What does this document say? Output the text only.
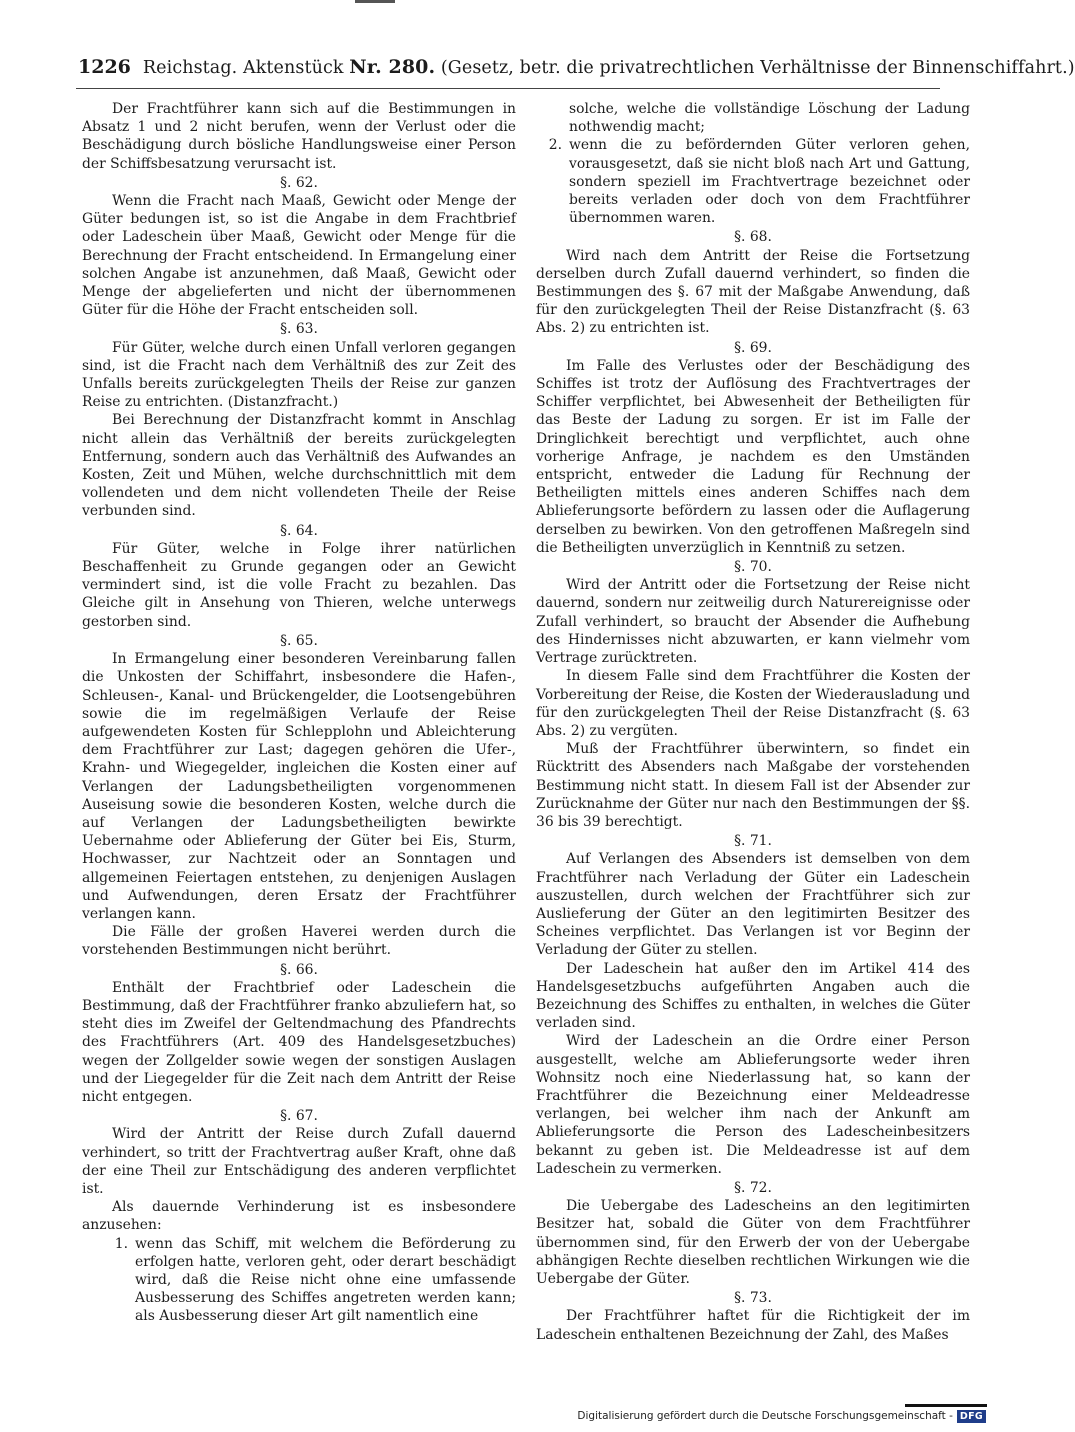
1226 Reichstag. Aktenstück Nr. 280. (Gesetz, betr. die privatrechtlichen Verhältnisse der Binnenschiffahrt.)

Der Frachtführer kann sich auf die Bestimmungen in Absatz 1 und 2 nicht berufen, wenn der Verlust oder die Beschädigung durch bösliche Handlungsweise einer Person der Schiffsbesatzung verursacht ist.

§. 62.

Wenn die Fracht nach Maaß, Gewicht oder Menge der Güter bedungen ist, so ist die Angabe in dem Frachtbrief oder Ladeschein über Maaß, Gewicht oder Menge für die Berechnung der Fracht entscheidend. In Ermangelung einer solchen Angabe ist anzunehmen, daß Maaß, Gewicht oder Menge der abgelieferten und nicht der übernommenen Güter für die Höhe der Fracht entscheiden soll.

§. 63.

Für Güter, welche durch einen Unfall verloren gegangen sind, ist die Fracht nach dem Verhältniß des zur Zeit des Unfalls bereits zurückgelegten Theils der Reise zur ganzen Reise zu entrichten. (Distanzfracht.)

Bei Berechnung der Distanzfracht kommt in Anschlag nicht allein das Verhältniß der bereits zurückgelegten Entfernung, sondern auch das Verhältniß des Aufwandes an Kosten, Zeit und Mühen, welche durchschnittlich mit dem vollendeten und dem nicht vollendeten Theile der Reise verbunden sind.

§. 64.

Für Güter, welche in Folge ihrer natürlichen Beschaffenheit zu Grunde gegangen oder an Gewicht vermindert sind, ist die volle Fracht zu bezahlen. Das Gleiche gilt in Ansehung von Thieren, welche unterwegs gestorben sind.

§. 65.

In Ermangelung einer besonderen Vereinbarung fallen die Unkosten der Schiffahrt, insbesondere die Hafen-, Schleusen-, Kanal- und Brückengelder, die Lootsengebühren sowie die im regelmäßigen Verlaufe der Reise aufgewendeten Kosten für Schlepplohn und Ableichterung dem Frachtführer zur Last; dagegen gehören die Ufer-, Krahn- und Wiegegelder, ingleichen die Kosten einer auf Verlangen der Ladungsbetheiligten vorgenommenen Auseisung sowie die besonderen Kosten, welche durch die auf Verlangen der Ladungsbetheiligten bewirkte Uebernahme oder Ablieferung der Güter bei Eis, Sturm, Hochwasser, zur Nachtzeit oder an Sonntagen und allgemeinen Feiertagen entstehen, zu denjenigen Auslagen und Aufwendungen, deren Ersatz der Frachtführer verlangen kann.

Die Fälle der großen Haverei werden durch die vorstehenden Bestimmungen nicht berührt.

§. 66.

Enthält der Frachtbrief oder Ladeschein die Bestimmung, daß der Frachtführer franko abzuliefern hat, so steht dies im Zweifel der Geltendmachung des Pfandrechts des Frachtführers (Art. 409 des Handelsgesetzbuches) wegen der Zollgelder sowie wegen der sonstigen Auslagen und der Liegegelder für die Zeit nach dem Antritt der Reise nicht entgegen.

§. 67.

Wird der Antritt der Reise durch Zufall dauernd verhindert, so tritt der Frachtvertrag außer Kraft, ohne daß der eine Theil zur Entschädigung des anderen verpflichtet ist.

Als dauernde Verhinderung ist es insbesondere anzusehen:

1. wenn das Schiff, mit welchem die Beförderung zu erfolgen hatte, verloren geht, oder derart beschädigt wird, daß die Reise nicht ohne eine umfassende Ausbesserung des Schiffes angetreten werden kann; als Ausbesserung dieser Art gilt namentlich eine
solche, welche die vollständige Löschung der Ladung nothwendig macht;
2. wenn die zu befördernden Güter verloren gehen, vorausgesetzt, daß sie nicht bloß nach Art und Gattung, sondern speziell im Frachtvertrage bezeichnet oder bereits verladen oder doch von dem Frachtführer übernommen waren.

§. 68.

Wird nach dem Antritt der Reise die Fortsetzung derselben durch Zufall dauernd verhindert, so finden die Bestimmungen des §. 67 mit der Maßgabe Anwendung, daß für den zurückgelegten Theil der Reise Distanzfracht (§. 63 Abs. 2) zu entrichten ist.

§. 69.

Im Falle des Verlustes oder der Beschädigung des Schiffes ist trotz der Auflösung des Frachtvertrages der Schiffer verpflichtet, bei Abwesenheit der Betheiligten für das Beste der Ladung zu sorgen. Er ist im Falle der Dringlichkeit berechtigt und verpflichtet, auch ohne vorherige Anfrage, je nachdem es den Umständen entspricht, entweder die Ladung für Rechnung der Betheiligten mittels eines anderen Schiffes nach dem Ablieferungsorte befördern zu lassen oder die Auflagerung derselben zu bewirken. Von den getroffenen Maßregeln sind die Betheiligten unverzüglich in Kenntniß zu setzen.

§. 70.

Wird der Antritt oder die Fortsetzung der Reise nicht dauernd, sondern nur zeitweilig durch Naturereignisse oder Zufall verhindert, so braucht der Absender die Aufhebung des Hindernisses nicht abzuwarten, er kann vielmehr vom Vertrage zurücktreten.

In diesem Falle sind dem Frachtführer die Kosten der Vorbereitung der Reise, die Kosten der Wiederausladung und für den zurückgelegten Theil der Reise Distanzfracht (§. 63 Abs. 2) zu vergüten.

Muß der Frachtführer überwintern, so findet ein Rücktritt des Absenders nach Maßgabe der vorstehenden Bestimmung nicht statt. In diesem Fall ist der Absender zur Zurücknahme der Güter nur nach den Bestimmungen der §§. 36 bis 39 berechtigt.

§. 71.

Auf Verlangen des Absenders ist demselben von dem Frachtführer nach Verladung der Güter ein Ladeschein auszustellen, durch welchen der Frachtführer sich zur Auslieferung der Güter an den legitimirten Besitzer des Scheines verpflichtet. Das Verlangen ist vor Beginn der Verladung der Güter zu stellen.

Der Ladeschein hat außer den im Artikel 414 des Handelsgesetzbuchs aufgeführten Angaben auch die Bezeichnung des Schiffes zu enthalten, in welches die Güter verladen sind.

Wird der Ladeschein an die Ordre einer Person ausgestellt, welche am Ablieferungsorte weder ihren Wohnsitz noch eine Niederlassung hat, so kann der Frachtführer die Bezeichnung einer Meldeadresse verlangen, bei welcher ihm nach der Ankunft am Ablieferungsorte die Person des Ladescheinbesitzers bekannt zu geben ist. Die Meldeadresse ist auf dem Ladeschein zu vermerken.

§. 72.

Die Uebergabe des Ladescheins an den legitimirten Besitzer hat, sobald die Güter von dem Frachtführer übernommen sind, für den Erwerb der von der Uebergabe abhängigen Rechte dieselben rechtlichen Wirkungen wie die Uebergabe der Güter.

§. 73.

Der Frachtführer haftet für die Richtigkeit der im Ladeschein enthaltenen Bezeichnung der Zahl, des Maßes

Digitalisierung gefördert durch die Deutsche Forschungsgemeinschaft - DFG
